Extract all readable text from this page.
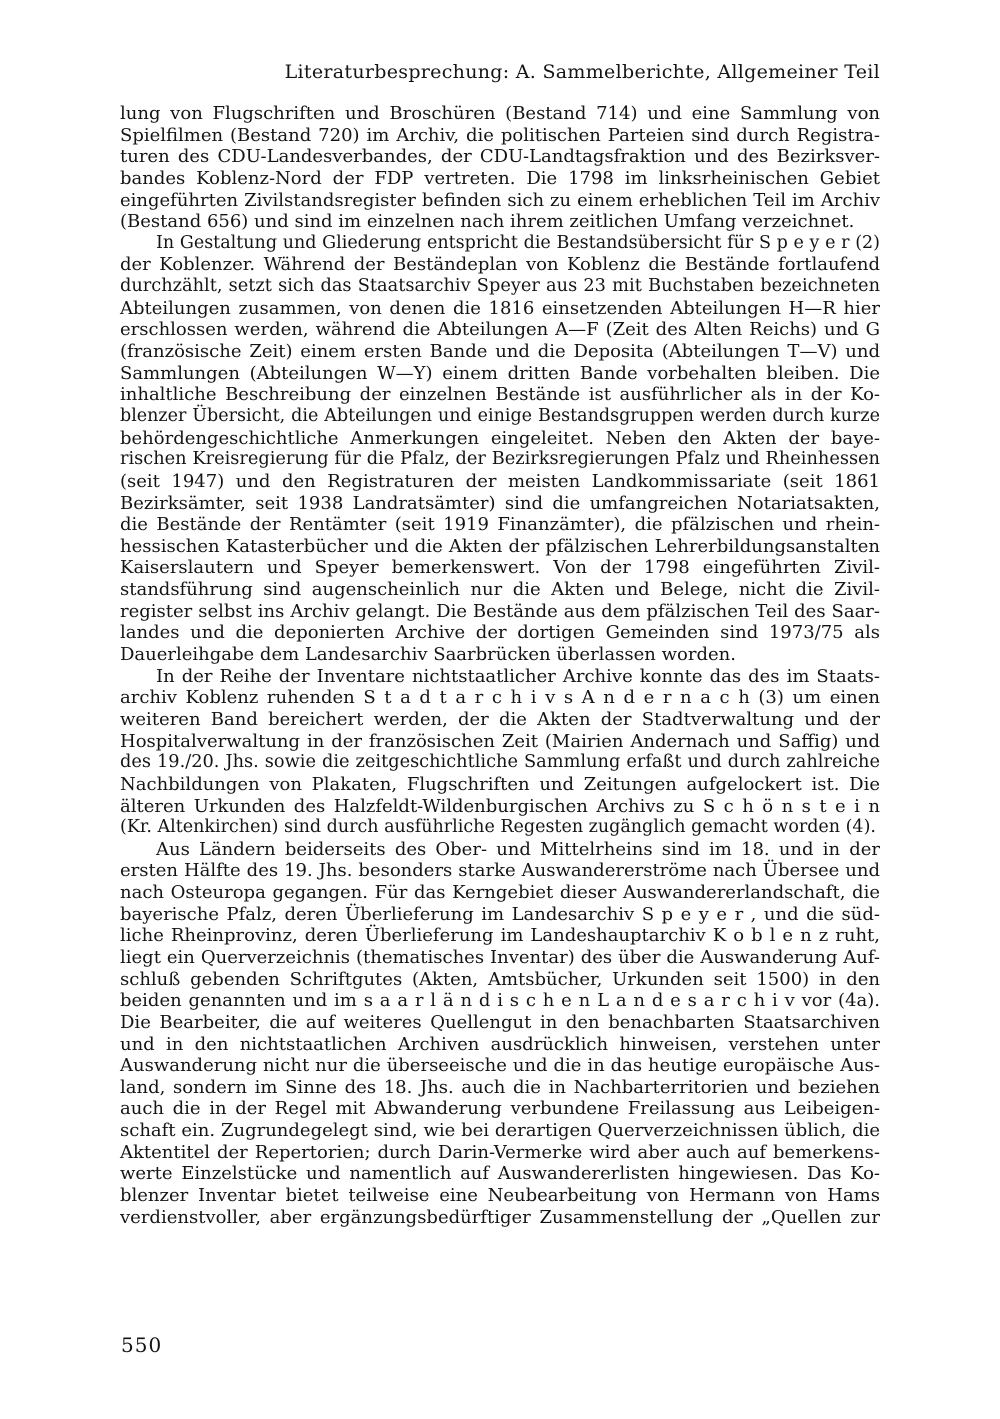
Literaturbesprechung: A. Sammelberichte, Allgemeiner Teil
lung von Flugschriften und Broschüren (Bestand 714) und eine Sammlung von
Spielfilmen (Bestand 720) im Archiv, die politischen Parteien sind durch Registra-
turen des CDU-Landesverbandes, der CDU-Landtagsfraktion und des Bezirksver-
bandes Koblenz-Nord der FDP vertreten. Die 1798 im linksrheinischen Gebiet
eingeführten Zivilstandsregister befinden sich zu einem erheblichen Teil im Archiv
(Bestand 656) und sind im einzelnen nach ihrem zeitlichen Umfang verzeichnet.
In Gestaltung und Gliederung entspricht die Bestandsübersicht für S p e y e r (2)
der Koblenzer. Während der Beständeplan von Koblenz die Bestände fortlaufend
durchzählt, setzt sich das Staatsarchiv Speyer aus 23 mit Buchstaben bezeichneten
Abteilungen zusammen, von denen die 1816 einsetzenden Abteilungen H—R hier
erschlossen werden, während die Abteilungen A—F (Zeit des Alten Reichs) und G
(französische Zeit) einem ersten Bande und die Deposita (Abteilungen T—V) und
Sammlungen (Abteilungen W—Y) einem dritten Bande vorbehalten bleiben. Die
inhaltliche Beschreibung der einzelnen Bestände ist ausführlicher als in der Ko-
blenzer Übersicht, die Abteilungen und einige Bestandsgruppen werden durch kurze
behördengeschichtliche Anmerkungen eingeleitet. Neben den Akten der baye-
rischen Kreisregierung für die Pfalz, der Bezirksregierungen Pfalz und Rheinhessen
(seit 1947) und den Registraturen der meisten Landkommissariate (seit 1861
Bezirksämter, seit 1938 Landratsämter) sind die umfangreichen Notariatsakten,
die Bestände der Rentämter (seit 1919 Finanzämter), die pfälzischen und rhein-
hessischen Katasterbücher und die Akten der pfälzischen Lehrerbildungsanstalten
Kaiserslautern und Speyer bemerkenswert. Von der 1798 eingeführten Zivil-
standsführung sind augenscheinlich nur die Akten und Belege, nicht die Zivil-
register selbst ins Archiv gelangt. Die Bestände aus dem pfälzischen Teil des Saar-
landes und die deponierten Archive der dortigen Gemeinden sind 1973/75 als
Dauerleihgabe dem Landesarchiv Saarbrücken überlassen worden.
In der Reihe der Inventare nichtstaatlicher Archive konnte das des im Staats-
archiv Koblenz ruhenden S t a d t a r c h i v s A n d e r n a c h (3) um einen
weiteren Band bereichert werden, der die Akten der Stadtverwaltung und der
Hospitalverwaltung in der französischen Zeit (Mairien Andernach und Saffig) und
des 19./20. Jhs. sowie die zeitgeschichtliche Sammlung erfaßt und durch zahlreiche
Nachbildungen von Plakaten, Flugschriften und Zeitungen aufgelockert ist. Die
älteren Urkunden des Halzfeldt-Wildenburgischen Archivs zu S c h ö n s t e i n
(Kr. Altenkirchen) sind durch ausführliche Regesten zugänglich gemacht worden (4).
Aus Ländern beiderseits des Ober- und Mittelrheins sind im 18. und in der
ersten Hälfte des 19. Jhs. besonders starke Auswandererströme nach Übersee und
nach Osteuropa gegangen. Für das Kerngebiet dieser Auswandererlandschaft, die
bayerische Pfalz, deren Überlieferung im Landesarchiv S p e y e r , und die süd-
liche Rheinprovinz, deren Überlieferung im Landeshauptarchiv K o b l e n z ruht,
liegt ein Querverzeichnis (thematisches Inventar) des über die Auswanderung Auf-
schluß gebenden Schriftgutes (Akten, Amtsbücher, Urkunden seit 1500) in den
beiden genannten und im s a a r l ä n d i s c h e n L a n d e s a r c h i v vor (4a).
Die Bearbeiter, die auf weiteres Quellengut in den benachbarten Staatsarchiven
und in den nichtstaatlichen Archiven ausdrücklich hinweisen, verstehen unter
Auswanderung nicht nur die überseeische und die in das heutige europäische Aus-
land, sondern im Sinne des 18. Jhs. auch die in Nachbarterritorien und beziehen
auch die in der Regel mit Abwanderung verbundene Freilassung aus Leibeigen-
schaft ein. Zugrundegelegt sind, wie bei derartigen Querverzeichnissen üblich, die
Aktentitel der Repertorien; durch Darin-Vermerke wird aber auch auf bemerkens-
werte Einzelstücke und namentlich auf Auswandererlisten hingewiesen. Das Ko-
blenzer Inventar bietet teilweise eine Neubearbeitung von Hermann von Hams
verdienstvoller, aber ergänzungsbedürftiger Zusammenstellung der „Quellen zur
550
